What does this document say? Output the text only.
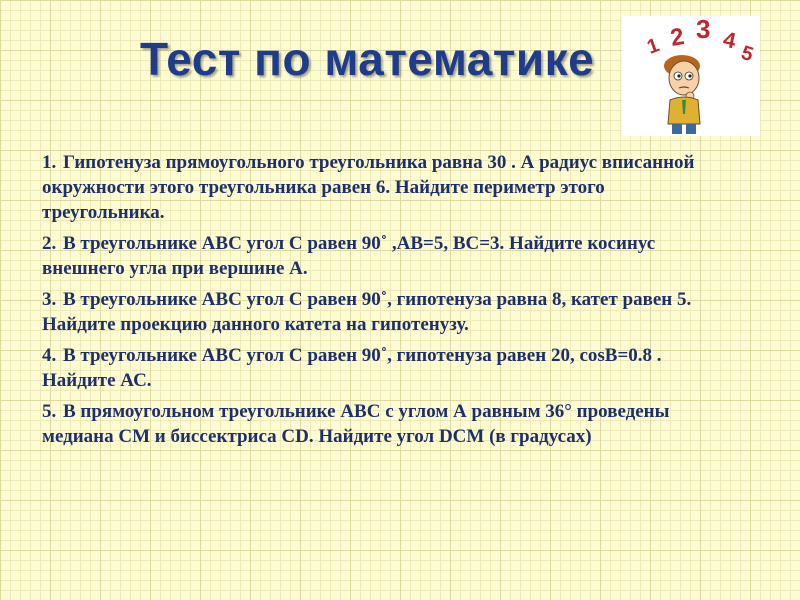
Тест по математике 1 2 3 4
5

1. Гипотенуза прямоугольного треугольника равна 30 . А радиус вписанной окружности этого треугольника равен 6. Найдите периметр этого треугольника.

2. В треугольнике АВС угол С равен 90˚ ,АВ=5, ВС=3. Найдите косинус внешнего угла при вершине А.

3. В треугольнике АВС угол С равен 90˚, гипотенуза равна 8, катет равен 5. Найдите проекцию данного катета на гипотенузу.

4. В треугольнике АВС угол С равен 90˚, гипотенуза равен 20, cosB=0.8 . Найдите АС.

5. В прямоугольном треугольнике АВС с углом А равным 36° проведены медиана СМ и биссектриса СD. Найдите угол DCM (в градусах)
